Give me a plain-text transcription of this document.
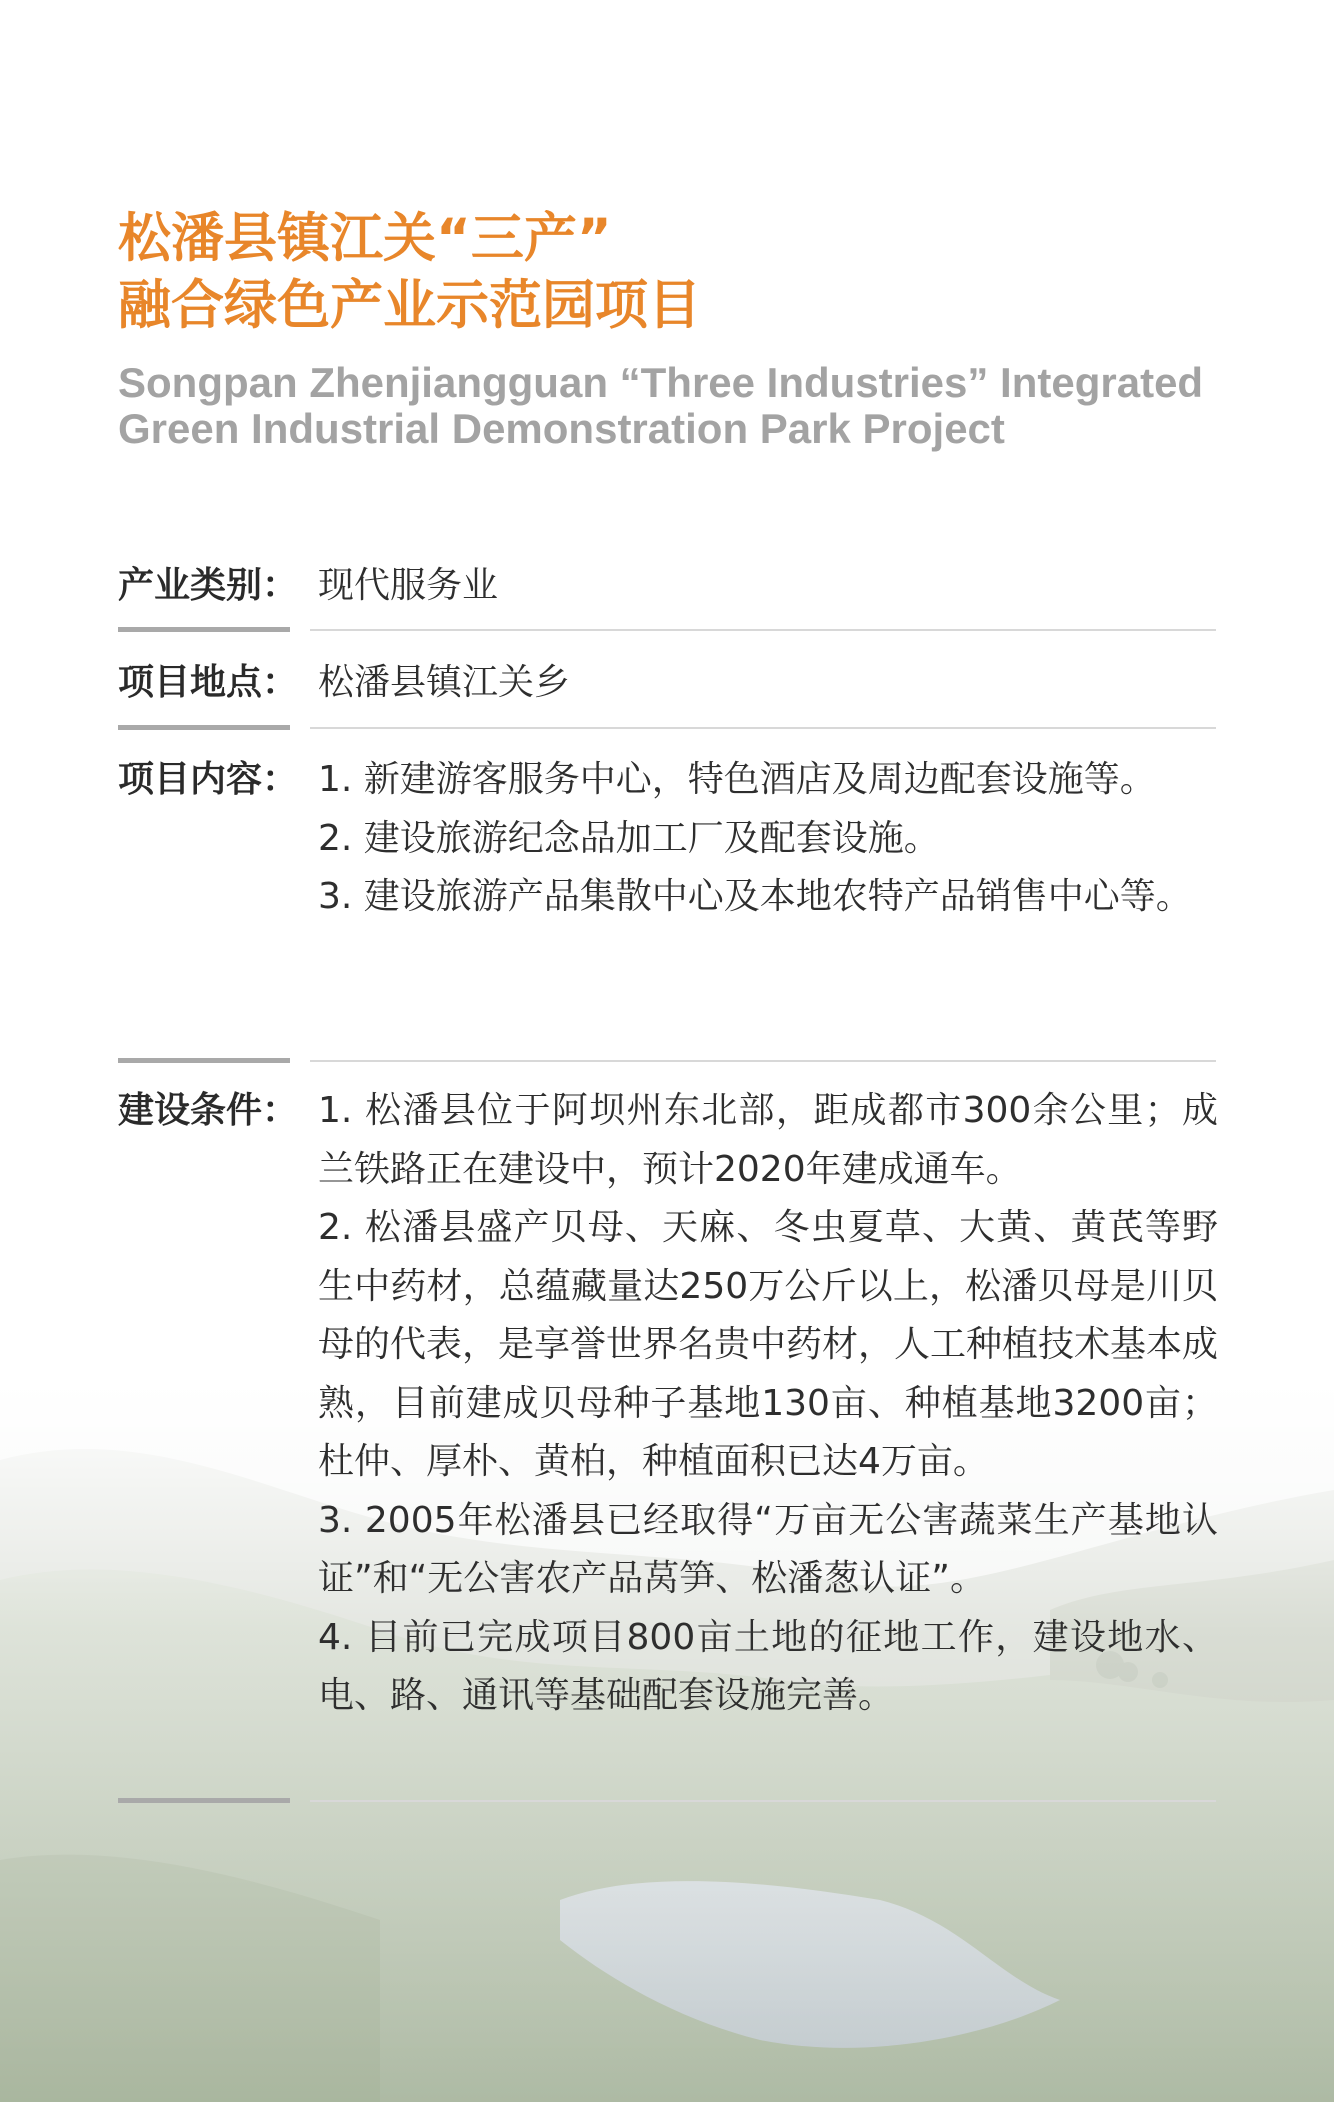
松潘县镇江关“三产”
融合绿色产业示范园项目
Songpan Zhenjiangguan “Three Industries” Integrated
Green Industrial Demonstration Park Project
产业类别： 现代服务业

项目地点： 松潘县镇江关乡

项目内容： 1. 新建游客服务中心，特色酒店及周边配套设施等。

2. 建设旅游纪念品加工厂及配套设施。

3. 建设旅游产品集散中心及本地农特产品销售中心等。

建设条件： 1. 松潘县位于阿坝州东北部，距成都市300余公里；成兰铁路正在建设中，预计2020年建成通车。

2. 松潘县盛产贝母、天麻、冬虫夏草、大黄、黄芪等野生中药材，总蕴藏量达250万公斤以上，松潘贝母是川贝母的代表，是享誉世界名贵中药材，人工种植技术基本成熟，目前建成贝母种子基地130亩、种植基地3200亩；杜仲、厚朴、黄柏，种植面积已达4万亩。

3. 2005年松潘县已经取得“万亩无公害蔬菜生产基地认证”和“无公害农产品莴笋、松潘葱认证”。

4. 目前已完成项目800亩土地的征地工作，建设地水、电、路、通讯等基础配套设施完善。
